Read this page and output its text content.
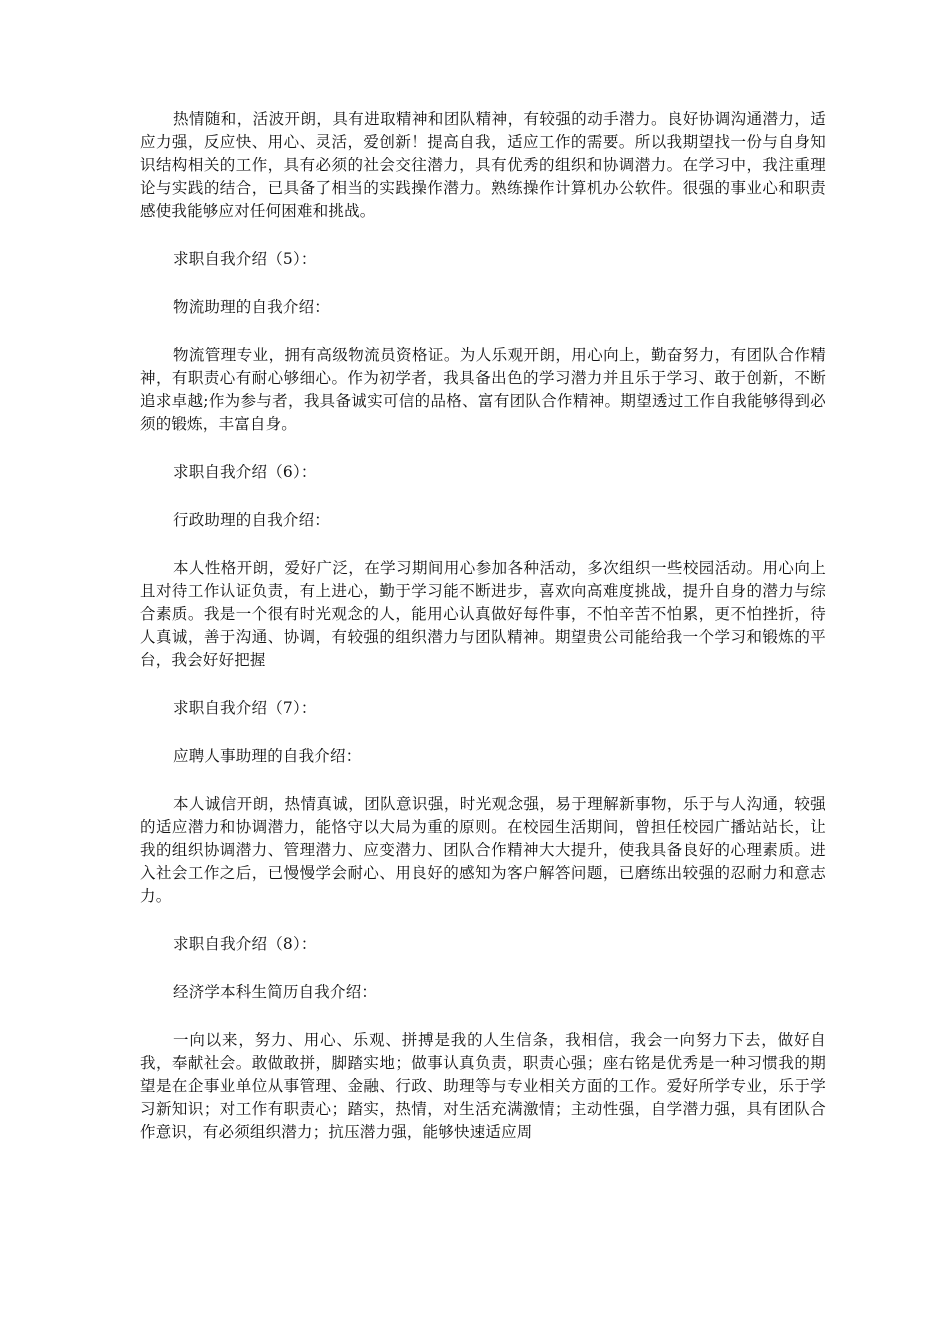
热情随和，活波开朗，具有进取精神和团队精神，有较强的动手潜力。良好协调沟通潜力，适应力强，反应快、用心、灵活，爱创新！提高自我，适应工作的需要。所以我期望找一份与自身知识结构相关的工作，具有必须的社会交往潜力，具有优秀的组织和协调潜力。在学习中，我注重理论与实践的结合，已具备了相当的实践操作潜力。熟练操作计算机办公软件。很强的事业心和职责感使我能够应对任何困难和挑战。

求职自我介绍（5）：

物流助理的自我介绍：

物流管理专业，拥有高级物流员资格证。为人乐观开朗，用心向上，勤奋努力，有团队合作精神，有职责心有耐心够细心。作为初学者，我具备出色的学习潜力并且乐于学习、敢于创新，不断追求卓越;作为参与者，我具备诚实可信的品格、富有团队合作精神。期望透过工作自我能够得到必须的锻炼，丰富自身。

求职自我介绍（6）：

行政助理的自我介绍：

本人性格开朗，爱好广泛，在学习期间用心参加各种活动，多次组织一些校园活动。用心向上且对待工作认证负责，有上进心，勤于学习能不断进步，喜欢向高难度挑战，提升自身的潜力与综合素质。我是一个很有时光观念的人，能用心认真做好每件事，不怕辛苦不怕累，更不怕挫折，待人真诚，善于沟通、协调，有较强的组织潜力与团队精神。期望贵公司能给我一个学习和锻炼的平台，我会好好把握

求职自我介绍（7）：

应聘人事助理的自我介绍：

本人诚信开朗，热情真诚，团队意识强，时光观念强，易于理解新事物，乐于与人沟通，较强的适应潜力和协调潜力，能恪守以大局为重的原则。在校园生活期间，曾担任校园广播站站长，让我的组织协调潜力、管理潜力、应变潜力、团队合作精神大大提升，使我具备良好的心理素质。进入社会工作之后，已慢慢学会耐心、用良好的感知为客户解答问题，已磨练出较强的忍耐力和意志力。

求职自我介绍（8）：

经济学本科生简历自我介绍：

一向以来，努力、用心、乐观、拼搏是我的人生信条，我相信，我会一向努力下去，做好自我，奉献社会。敢做敢拼，脚踏实地；做事认真负责，职责心强；座右铭是优秀是一种习惯我的期望是在企事业单位从事管理、金融、行政、助理等与专业相关方面的工作。爱好所学专业，乐于学习新知识；对工作有职责心；踏实，热情，对生活充满激情；主动性强，自学潜力强，具有团队合作意识，有必须组织潜力；抗压潜力强，能够快速适应周
